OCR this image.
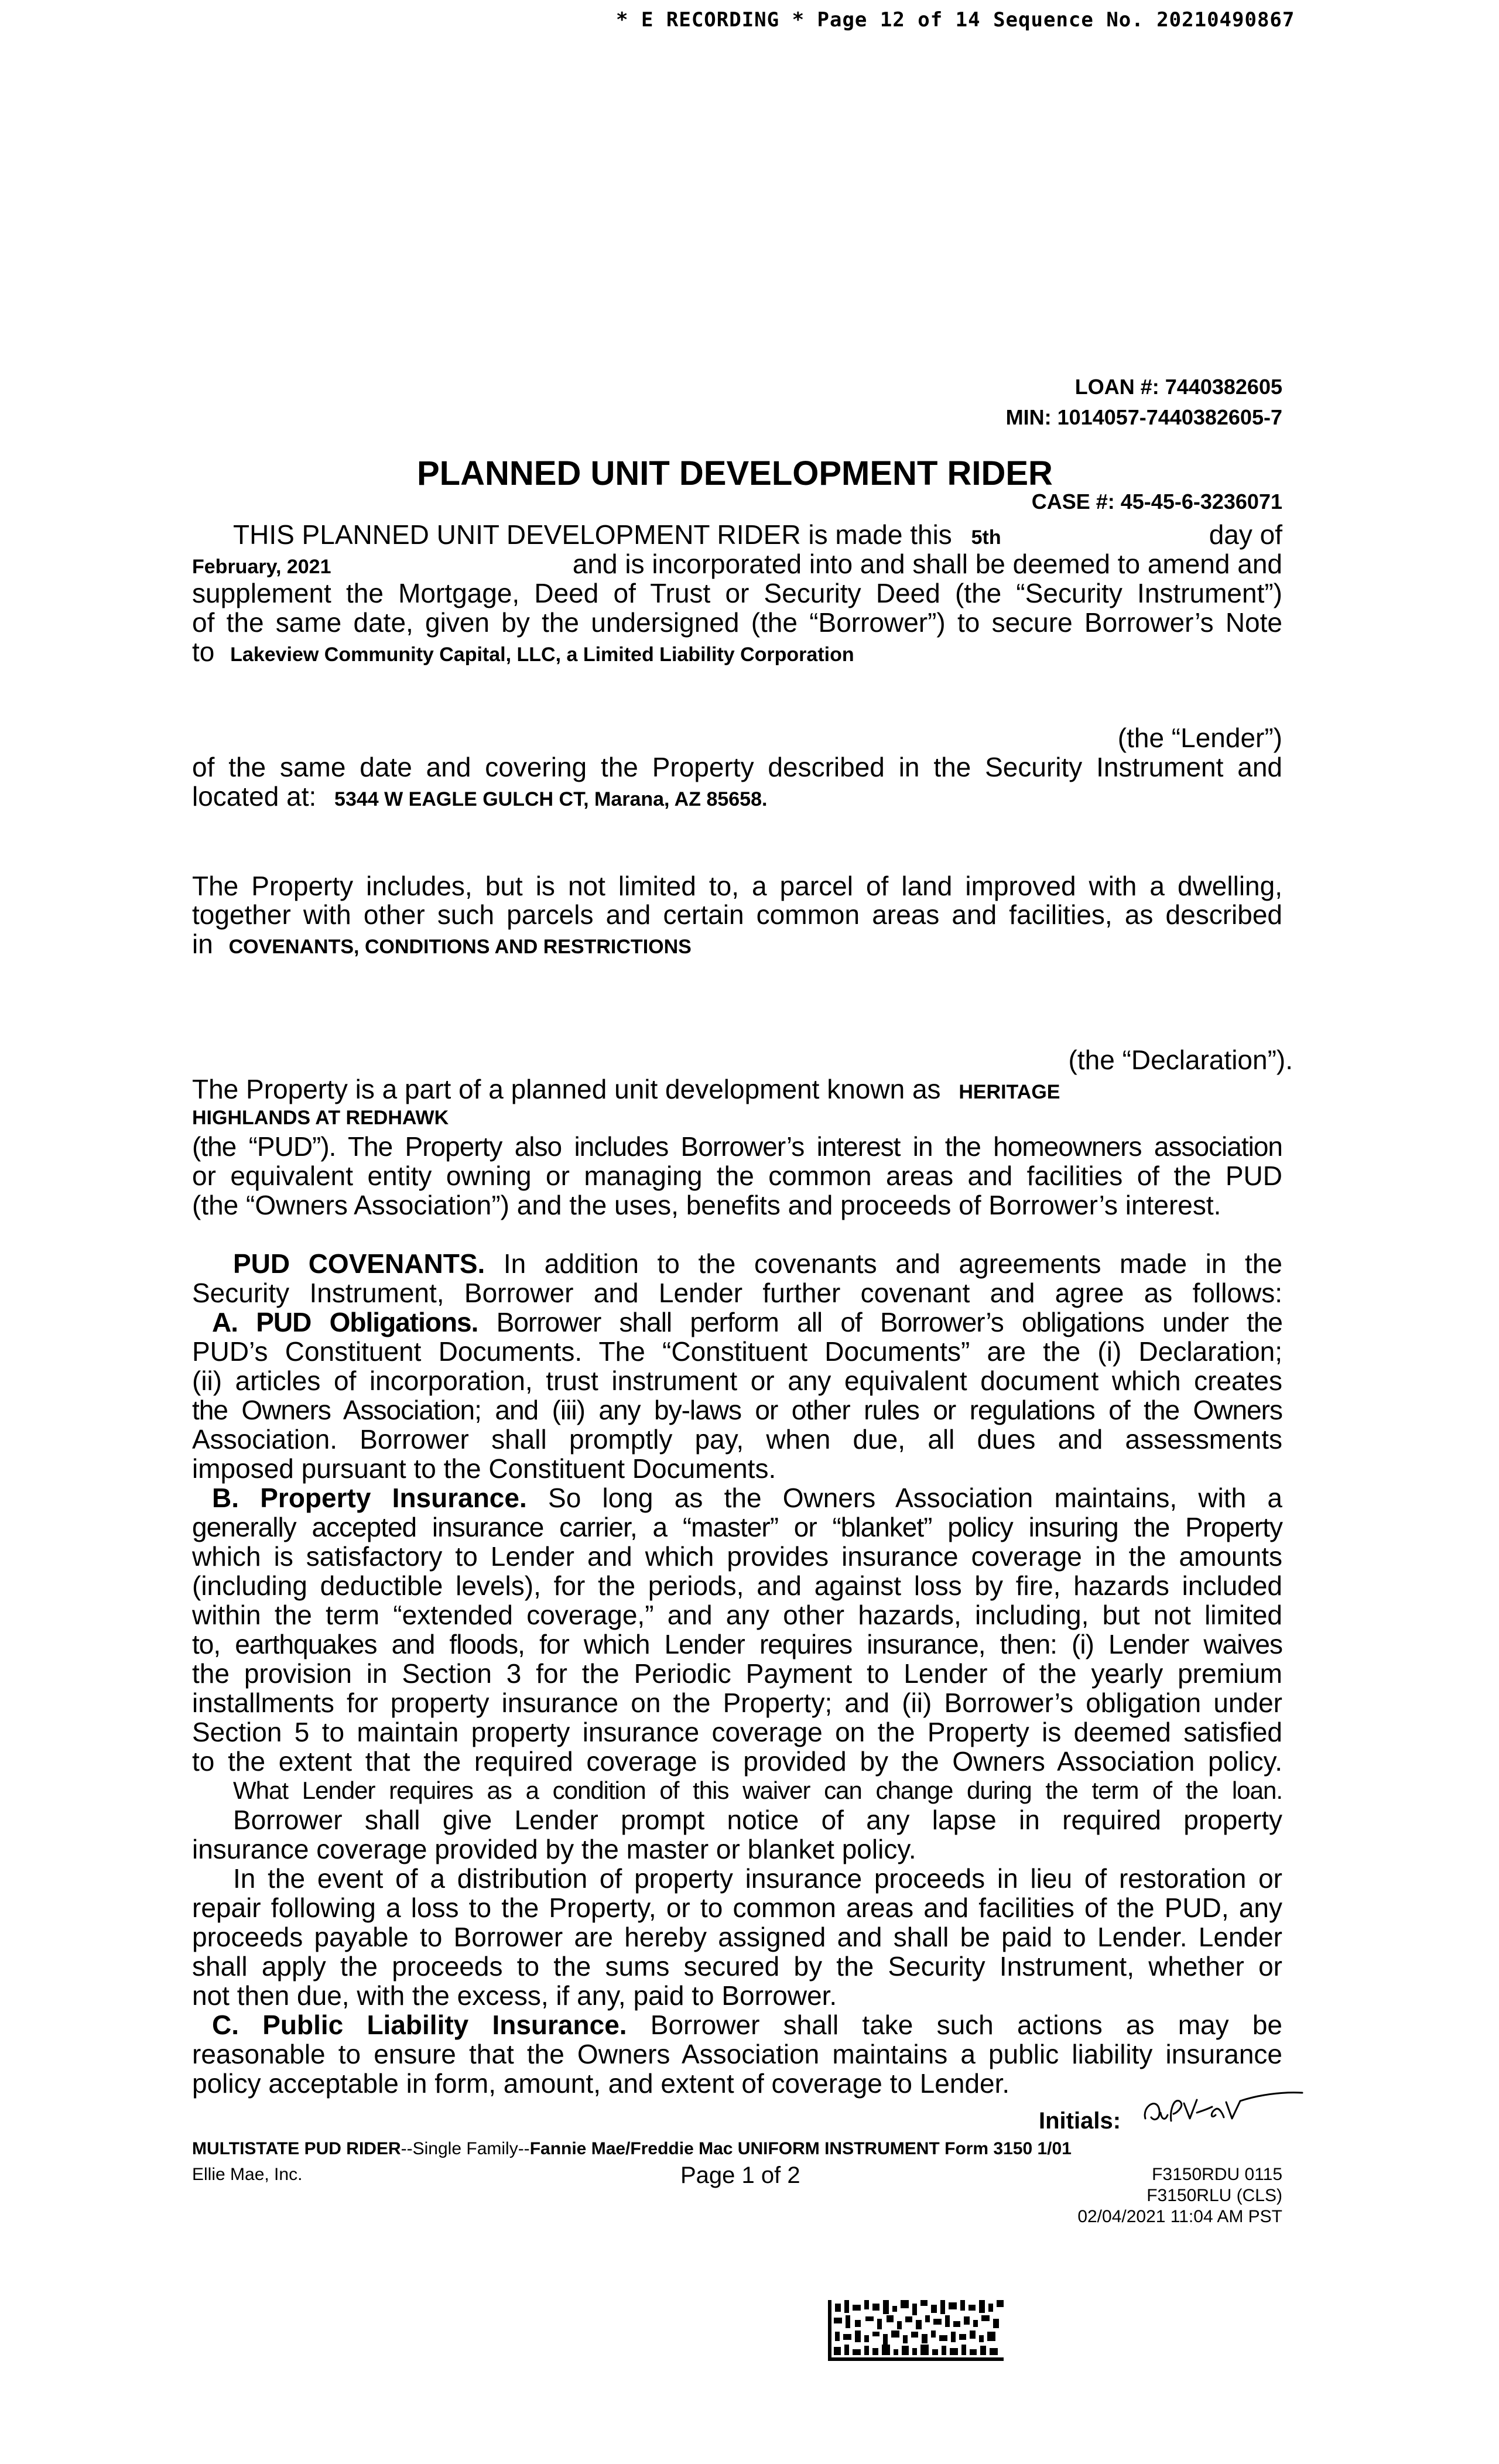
* E RECORDING * Page 12 of 14 Sequence No. 20210490867
LOAN #: 7440382605
MIN: 1014057-7440382605-7
PLANNED UNIT DEVELOPMENT RIDER
CASE #: 45-45-6-3236071
THIS PLANNED UNIT DEVELOPMENT RIDER is made this 5th	day of
February, 2021	and is incorporated into and shall be deemed to amend and
supplement the Mortgage, Deed of Trust or Security Deed (the “Security Instrument”)
of the same date, given by the undersigned (the “Borrower”) to secure Borrower’s Note
to Lakeview Community Capital, LLC, a Limited Liability Corporation
(the “Lender”)
of the same date and covering the Property described in the Security Instrument and
located at: 5344 W EAGLE GULCH CT, Marana, AZ 85658.
The Property includes, but is not limited to, a parcel of land improved with a dwelling,
together with other such parcels and certain common areas and facilities, as described
in COVENANTS, CONDITIONS AND RESTRICTIONS
(the “Declaration”).
The Property is a part of a planned unit development known as HERITAGE
HIGHLANDS AT REDHAWK
(the “PUD”). The Property also includes Borrower’s interest in the homeowners association
or equivalent entity owning or managing the common areas and facilities of the PUD
(the “Owners Association”) and the uses, benefits and proceeds of Borrower’s interest.
PUD COVENANTS. In addition to the covenants and agreements made in the
Security Instrument, Borrower and Lender further covenant and agree as follows:
A. PUD Obligations. Borrower shall perform all of Borrower’s obligations under the
PUD’s Constituent Documents. The “Constituent Documents” are the (i) Declaration;
(ii) articles of incorporation, trust instrument or any equivalent document which creates
the Owners Association; and (iii) any by-laws or other rules or regulations of the Owners
Association. Borrower shall promptly pay, when due, all dues and assessments
imposed pursuant to the Constituent Documents.
B. Property Insurance. So long as the Owners Association maintains, with a
generally accepted insurance carrier, a “master” or “blanket” policy insuring the Property
which is satisfactory to Lender and which provides insurance coverage in the amounts
(including deductible levels), for the periods, and against loss by fire, hazards included
within the term “extended coverage,” and any other hazards, including, but not limited
to, earthquakes and floods, for which Lender requires insurance, then: (i) Lender waives
the provision in Section 3 for the Periodic Payment to Lender of the yearly premium
installments for property insurance on the Property; and (ii) Borrower’s obligation under
Section 5 to maintain property insurance coverage on the Property is deemed satisfied
to the extent that the required coverage is provided by the Owners Association policy.
What Lender requires as a condition of this waiver can change during the term of the loan.
Borrower shall give Lender prompt notice of any lapse in required property
insurance coverage provided by the master or blanket policy.
In the event of a distribution of property insurance proceeds in lieu of restoration or
repair following a loss to the Property, or to common areas and facilities of the PUD, any
proceeds payable to Borrower are hereby assigned and shall be paid to Lender. Lender
shall apply the proceeds to the sums secured by the Security Instrument, whether or
not then due, with the excess, if any, paid to Borrower.
C. Public Liability Insurance. Borrower shall take such actions as may be
reasonable to ensure that the Owners Association maintains a public liability insurance
policy acceptable in form, amount, and extent of coverage to Lender.
Initials:
MULTISTATE PUD RIDER--Single Family--Fannie Mae/Freddie Mac UNIFORM INSTRUMENT Form 3150 1/01
Ellie Mae, Inc.	Page 1 of 2	F3150RDU 0115
F3150RLU (CLS)
02/04/2021 11:04 AM PST
